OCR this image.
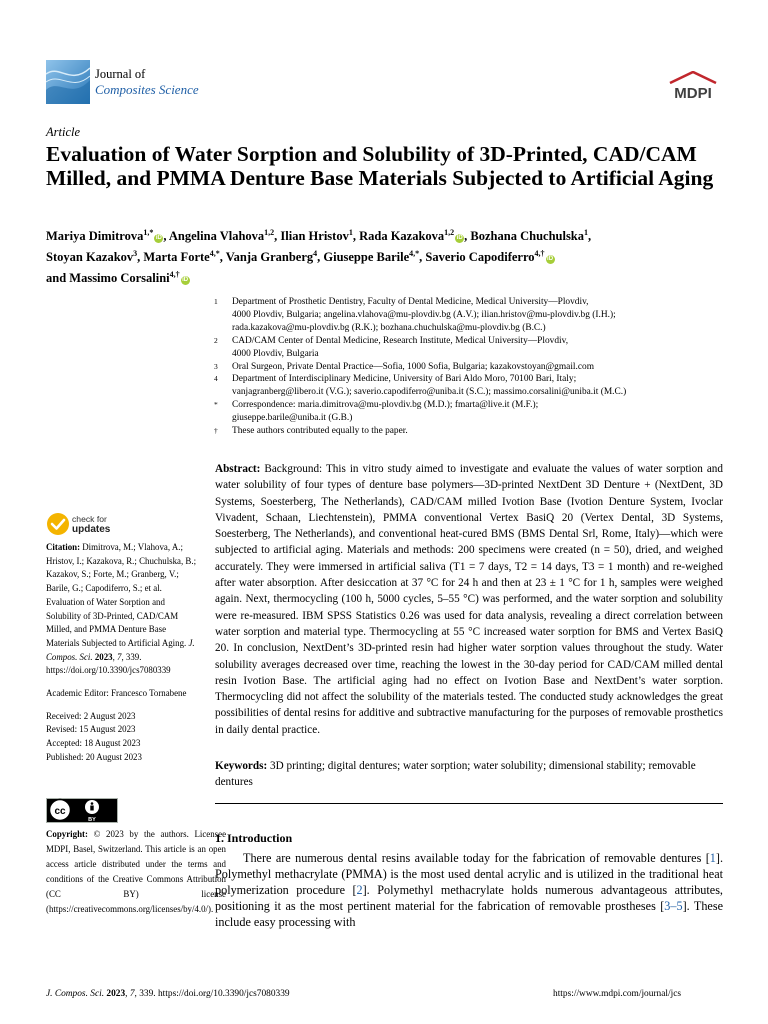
Journal of
Composites Science	MDPI
Article
Evaluation of Water Sorption and Solubility of 3D-Printed, CAD/CAM Milled, and PMMA Denture Base Materials Subjected to Artificial Aging
Mariya Dimitrova$^{1,*}$iD , Angelina Vlahova$^{1,2}$, Ilian Hristov$^1$, Rada Kazakova$^{1,2}$iD , Bozhana Chuchulska$^1$,
Stoyan Kazakov$^3$, Marta Forte$^{4,*}$, Vanja Granberg$^4$, Giuseppe Barile$^{4,*}$, Saverio Capodiferro$^{4,\dagger}$iD
and Massimo Corsalini$^{4,\dagger}$iD
1	Department of Prosthetic Dentistry, Faculty of Dental Medicine, Medical University—Plovdiv,
4000 Plovdiv, Bulgaria; angelina.vlahova@mu-plovdiv.bg (A.V.); ilian.hristov@mu-plovdiv.bg (I.H.);
rada.kazakova@mu-plovdiv.bg (R.K.); bozhana.chuchulska@mu-plovdiv.bg (B.C.)
2	CAD/CAM Center of Dental Medicine, Research Institute, Medical University—Plovdiv,
4000 Plovdiv, Bulgaria
3	Oral Surgeon, Private Dental Practice—Sofia, 1000 Sofia, Bulgaria; kazakovstoyan@gmail.com
4	Department of Interdisciplinary Medicine, University of Bari Aldo Moro, 70100 Bari, Italy;
vanjagranberg@libero.it (V.G.); saverio.capodiferro@uniba.it (S.C.); massimo.corsalini@uniba.it (M.C.)
*	Correspondence: maria.dimitrova@mu-plovdiv.bg (M.D.); fmarta@live.it (M.F.);
giuseppe.barile@uniba.it (G.B.)
†	These authors contributed equally to the paper.

Abstract: Background: This in vitro study aimed to investigate and evaluate the values of water sorption and water solubility of four types of denture base polymers—3D-printed NextDent 3D Denture + (NextDent, 3D Systems, Soesterberg, The Netherlands), CAD/CAM milled Ivotion Base (Ivotion Denture System, Ivoclar Vivadent, Schaan, Liechtenstein), PMMA conventional Vertex BasiQ 20 (Vertex Dental, 3D Systems, Soesterberg, The Netherlands), and conventional heat-cured BMS (BMS Dental Srl, Rome, Italy)—which were subjected to artificial aging. Materials and methods: 200 specimens were created (n = 50), dried, and weighed accurately. They were immersed in artificial saliva (T1 = 7 days, T2 = 14 days, T3 = 1 month) and re-weighed after water absorption. After desiccation at 37 °C for 24 h and then at 23 ± 1 °C for 1 h, samples were weighed again. Next, thermocycling (100 h, 5000 cycles, 5–55 °C) was performed, and the water sorption and solubility were re-measured. IBM SPSS Statistics 0.26 was used for data analysis, revealing a direct correlation between water sorption and material type. Thermocycling at 55 °C increased water sorption for BMS and Vertex BasiQ 20. In conclusion, NextDent’s 3D-printed resin had higher water sorption values throughout the study. Water solubility averages decreased over time, reaching the lowest in the 30-day period for CAD/CAM milled dental resin Ivotion Base. The artificial aging had no effect on Ivotion Base and NextDent’s water sorption. Thermocycling did not affect the solubility of the materials tested. The conducted study acknowledges the great possibilities of dental resins for additive and subtractive manufacturing for the purposes of removable prosthetics in daily dental practice.

Keywords: 3D printing; digital dentures; water sorption; water solubility; dimensional stability; removable dentures

check for
updates
Citation: Dimitrova, M.; Vlahova, A.; Hristov, I.; Kazakova, R.; Chuchulska, B.; Kazakov, S.; Forte, M.; Granberg, V.; Barile, G.; Capodiferro, S.; et al. Evaluation of Water Sorption and Solubility of 3D-Printed, CAD/CAM Milled, and PMMA Denture Base Materials Subjected to Artificial Aging. J. Compos. Sci. 2023, 7, 339. https://doi.org/10.3390/jcs7080339
Academic Editor: Francesco Tornabene
Received: 2 August 2023
Revised: 15 August 2023
Accepted: 18 August 2023
Published: 20 August 2023
cc
BY

Copyright: © 2023 by the authors. Licensee MDPI, Basel, Switzerland. This article is an open access article distributed under the terms and conditions of the Creative Commons Attribution (CC BY) license (https://creativecommons.org/licenses/by/4.0/).

1. Introduction

There are numerous dental resins available today for the fabrication of removable dentures [1]. Polymethyl methacrylate (PMMA) is the most used dental acrylic and is utilized in the traditional heat polymerization procedure [2]. Polymethyl methacrylate holds numerous advantageous attributes, positioning it as the most pertinent material for the fabrication of removable prostheses [3–5]. These include easy processing with

J. Compos. Sci. 2023, 7, 339. https://doi.org/10.3390/jcs7080339	https://www.mdpi.com/journal/jcs
